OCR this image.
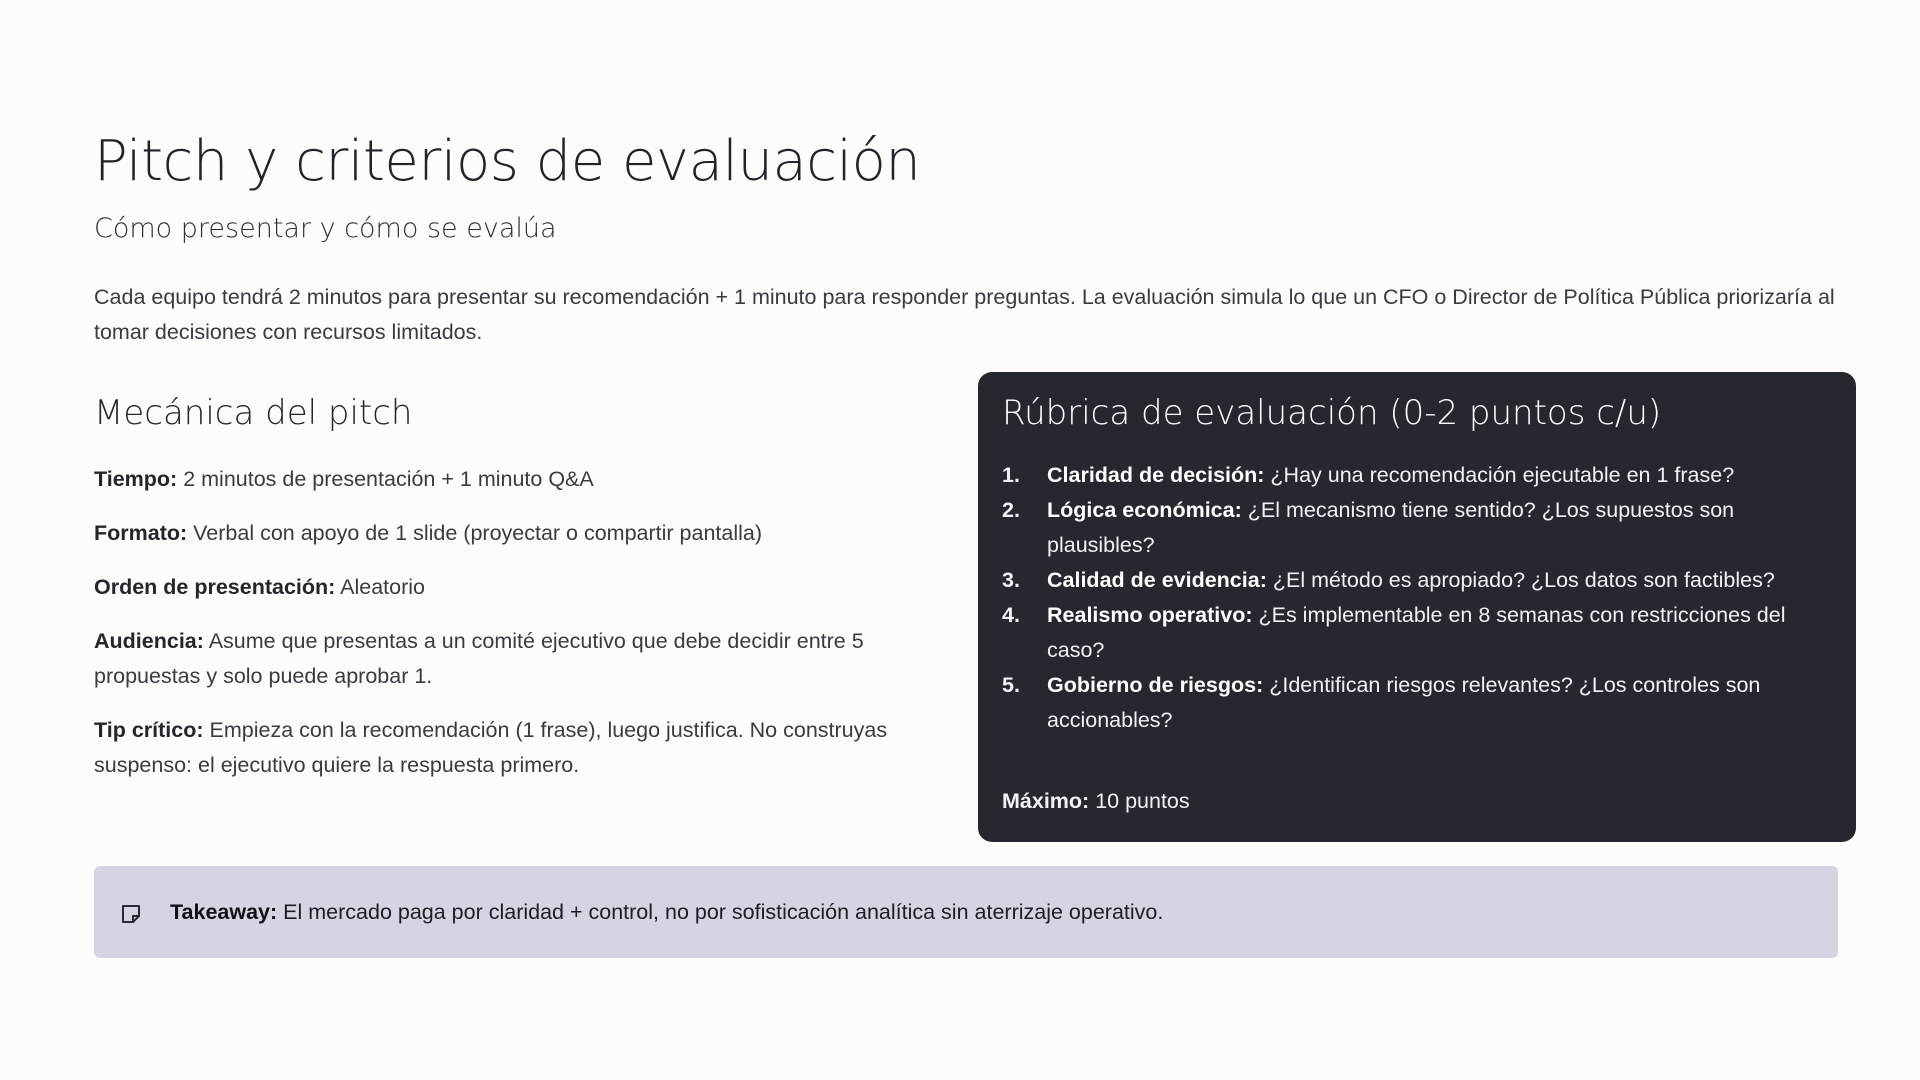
Pitch y criterios de evaluación
Cómo presentar y cómo se evalúa

Cada equipo tendrá 2 minutos para presentar su recomendación + 1 minuto para responder preguntas. La evaluación simula lo que un CFO o Director de Política Pública priorizaría al tomar decisiones con recursos limitados.

Mecánica del pitch

Tiempo: 2 minutos de presentación + 1 minuto Q&A

Formato: Verbal con apoyo de 1 slide (proyectar o compartir pantalla)

Orden de presentación: Aleatorio

Audiencia: Asume que presentas a un comité ejecutivo que debe decidir entre 5 propuestas y solo puede aprobar 1.

Tip crítico: Empieza con la recomendación (1 frase), luego justifica. No construyas suspenso: el ejecutivo quiere la respuesta primero.

Rúbrica de evaluación (0-2 puntos c/u)
1. Claridad de decisión: ¿Hay una recomendación ejecutable en 1 frase?
2. Lógica económica: ¿El mecanismo tiene sentido? ¿Los supuestos son plausibles?
3. Calidad de evidencia: ¿El método es apropiado? ¿Los datos son factibles?
4. Realismo operativo: ¿Es implementable en 8 semanas con restricciones del caso?
5. Gobierno de riesgos: ¿Identifican riesgos relevantes? ¿Los controles son accionables?

Máximo: 10 puntos

Takeaway: El mercado paga por claridad + control, no por sofisticación analítica sin aterrizaje operativo.
